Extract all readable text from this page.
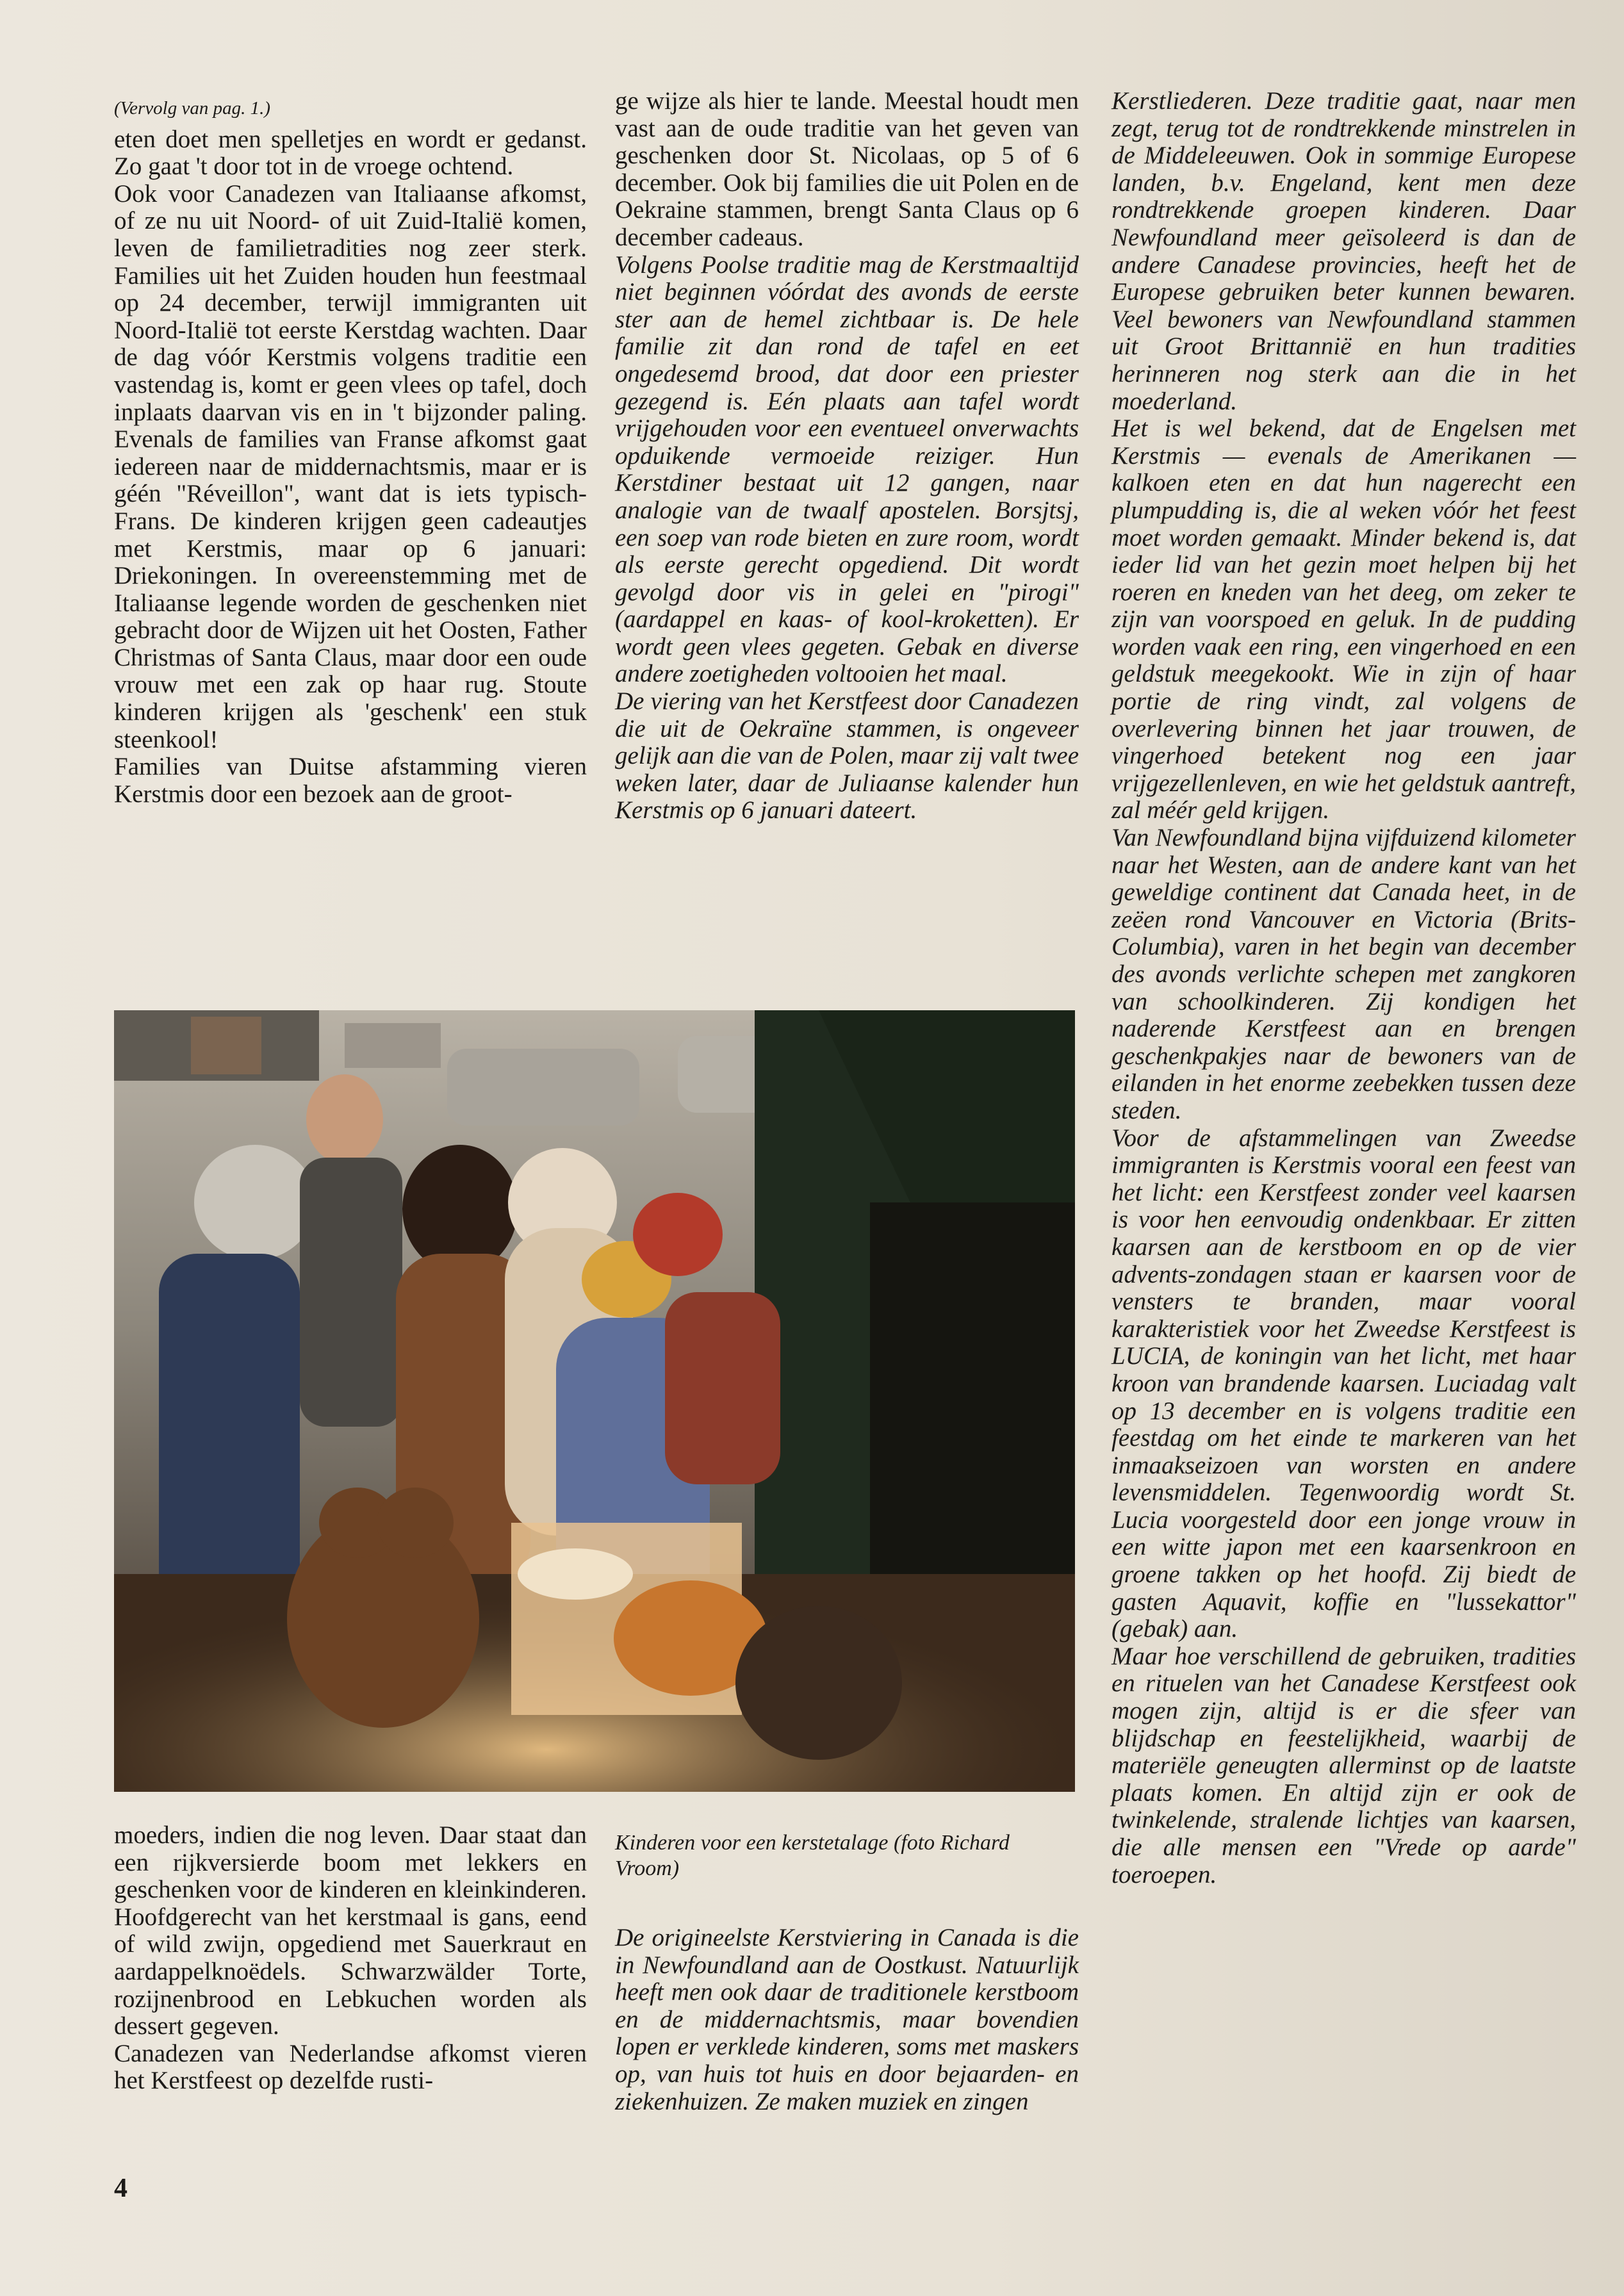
(Vervolg van pag. 1.)

eten doet men spelletjes en wordt er gedanst. Zo gaat 't door tot in de vroege ochtend.

Ook voor Canadezen van Italiaanse afkomst, of ze nu uit Noord- of uit Zuid-Italië komen, leven de familietradities nog zeer sterk. Families uit het Zuiden houden hun feestmaal op 24 december, terwijl immigranten uit Noord-Italië tot eerste Kerstdag wachten. Daar de dag vóór Kerstmis volgens traditie een vastendag is, komt er geen vlees op tafel, doch inplaats daarvan vis en in 't bijzonder paling. Evenals de families van Franse afkomst gaat iedereen naar de middernachtsmis, maar er is géén "Réveillon", want dat is iets typisch-Frans. De kinderen krijgen geen cadeautjes met Kerstmis, maar op 6 januari: Driekoningen. In overeenstemming met de Italiaanse legende worden de geschenken niet gebracht door de Wijzen uit het Oosten, Father Christmas of Santa Claus, maar door een oude vrouw met een zak op haar rug. Stoute kinderen krijgen als 'geschenk' een stuk steenkool!

Families van Duitse afstamming vieren Kerstmis door een bezoek aan de groot-

ge wijze als hier te lande. Meestal houdt men vast aan de oude traditie van het geven van geschenken door St. Nicolaas, op 5 of 6 december. Ook bij families die uit Polen en de Oekraine stammen, brengt Santa Claus op 6 december cadeaus.

Volgens Poolse traditie mag de Kerstmaaltijd niet beginnen vóórdat des avonds de eerste ster aan de hemel zichtbaar is. De hele familie zit dan rond de tafel en eet ongedesemd brood, dat door een priester gezegend is. Eén plaats aan tafel wordt vrijgehouden voor een eventueel onverwachts opduikende vermoeide reiziger. Hun Kerstdiner bestaat uit 12 gangen, naar analogie van de twaalf apostelen. Borsjtsj, een soep van rode bieten en zure room, wordt als eerste gerecht opgediend. Dit wordt gevolgd door vis in gelei en "pirogi" (aardappel en kaas- of kool-kroketten). Er wordt geen vlees gegeten. Gebak en diverse andere zoetigheden voltooien het maal.

De viering van het Kerstfeest door Canadezen die uit de Oekraïne stammen, is ongeveer gelijk aan die van de Polen, maar zij valt twee weken later, daar de Juliaanse kalender hun Kerstmis op 6 januari dateert.

Kerstliederen. Deze traditie gaat, naar men zegt, terug tot de rondtrekkende minstrelen in de Middeleeuwen. Ook in sommige Europese landen, b.v. Engeland, kent men deze rondtrekkende groepen kinderen. Daar Newfoundland meer geïsoleerd is dan de andere Canadese provincies, heeft het de Europese gebruiken beter kunnen bewaren. Veel bewoners van Newfoundland stammen uit Groot Brittannië en hun tradities herinneren nog sterk aan die in het moederland.

Het is wel bekend, dat de Engelsen met Kerstmis — evenals de Amerikanen — kalkoen eten en dat hun nagerecht een plumpudding is, die al weken vóór het feest moet worden gemaakt. Minder bekend is, dat ieder lid van het gezin moet helpen bij het roeren en kneden van het deeg, om zeker te zijn van voorspoed en geluk. In de pudding worden vaak een ring, een vingerhoed en een geldstuk meegekookt. Wie in zijn of haar portie de ring vindt, zal volgens de overlevering binnen het jaar trouwen, de vingerhoed betekent nog een jaar vrijgezellenleven, en wie het geldstuk aantreft, zal méér geld krijgen.

Van Newfoundland bijna vijfduizend kilometer naar het Westen, aan de andere kant van het geweldige continent dat Canada heet, in de zeëen rond Vancouver en Victoria (Brits-Columbia), varen in het begin van december des avonds verlichte schepen met zangkoren van schoolkinderen. Zij kondigen het naderende Kerstfeest aan en brengen geschenkpakjes naar de bewoners van de eilanden in het enorme zeebekken tussen deze steden.

Voor de afstammelingen van Zweedse immigranten is Kerstmis vooral een feest van het licht: een Kerstfeest zonder veel kaarsen is voor hen eenvoudig ondenkbaar. Er zitten kaarsen aan de kerstboom en op de vier advents-zondagen staan er kaarsen voor de vensters te branden, maar vooral karakteristiek voor het Zweedse Kerstfeest is LUCIA, de koningin van het licht, met haar kroon van brandende kaarsen. Luciadag valt op 13 december en is volgens traditie een feestdag om het einde te markeren van het inmaakseizoen van worsten en andere levensmiddelen. Tegenwoordig wordt St. Lucia voorgesteld door een jonge vrouw in een witte japon met een kaarsenkroon en groene takken op het hoofd. Zij biedt de gasten Aquavit, koffie en "lussekattor" (gebak) aan.

Maar hoe verschillend de gebruiken, tradities en rituelen van het Canadese Kerstfeest ook mogen zijn, altijd is er die sfeer van blijdschap en feestelijkheid, waarbij de materiële geneugten allerminst op de laatste plaats komen. En altijd zijn er ook de twinkelende, stralende lichtjes van kaarsen, die alle mensen een "Vrede op aarde" toeroepen.

moeders, indien die nog leven. Daar staat dan een rijkversierde boom met lekkers en geschenken voor de kinderen en kleinkinderen. Hoofdgerecht van het kerstmaal is gans, eend of wild zwijn, opgediend met Sauerkraut en aardappelknoëdels. Schwarzwälder Torte, rozijnenbrood en Lebkuchen worden als dessert gegeven.

Canadezen van Nederlandse afkomst vieren het Kerstfeest op dezelfde rusti-

Kinderen voor een kerstetalage (foto Richard Vroom)

De origineelste Kerstviering in Canada is die in Newfoundland aan de Oostkust. Natuurlijk heeft men ook daar de traditionele kerstboom en de middernachtsmis, maar bovendien lopen er verklede kinderen, soms met maskers op, van huis tot huis en door bejaarden- en ziekenhuizen. Ze maken muziek en zingen

4
